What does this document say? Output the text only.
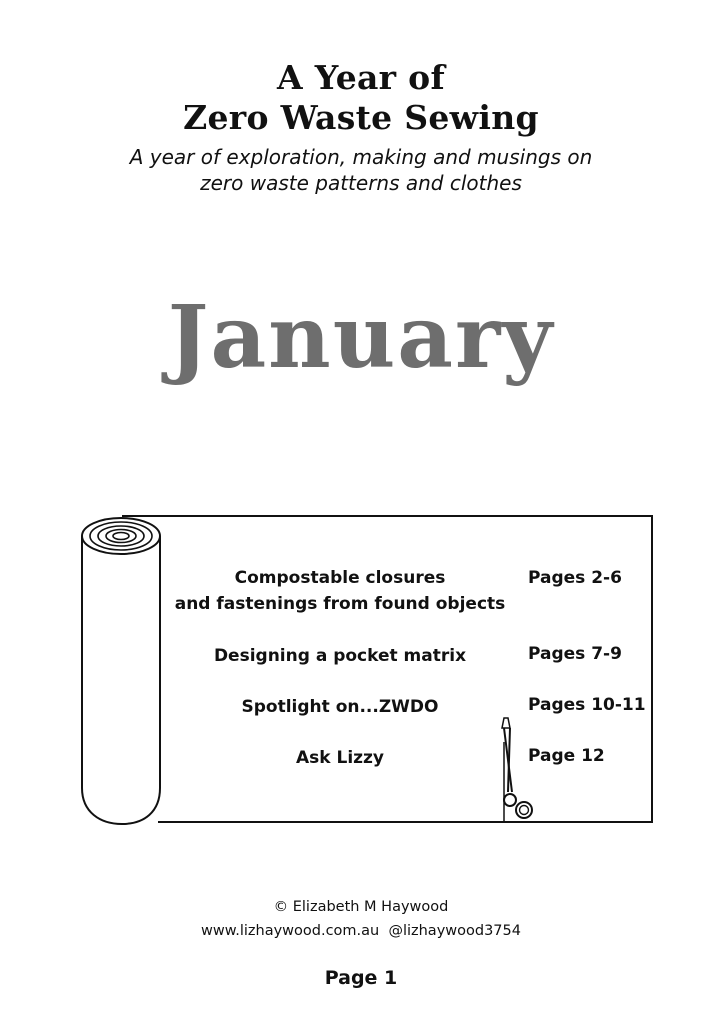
A Year of
Zero Waste Sewing
A year of exploration, making and musings on
zero waste patterns and clothes
January
Compostable closures
and fastenings from found objects
Pages 2-6
Designing a pocket matrix	Pages 7-9
Spotlight on...ZWDO	Pages 10-11
Ask Lizzy	Page 12
© Elizabeth M Haywood
www.lizhaywood.com.au @lizhaywood3754
Page 1
